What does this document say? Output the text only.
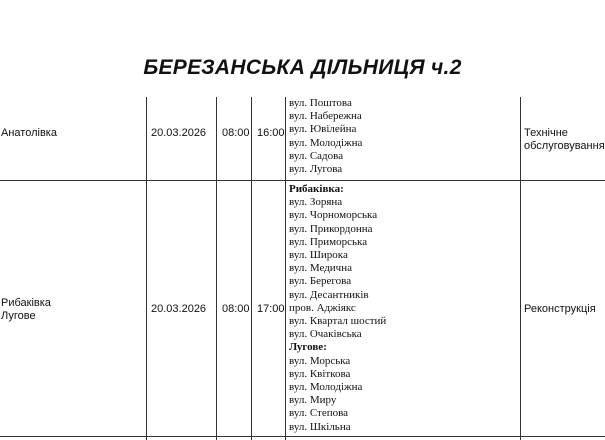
БЕРЕЗАНСЬКА ДІЛЬНИЦЯ ч.2
Анатолівка	20.03.2026 08:00 16:00
вул. Поштова
вул. Набережна
вул. Ювілейна
вул. Молодіжна
вул. Садова
вул. Лугова
Технічне
обслуговування
Рибаківка
Лугове
20.03.2026 08:00 17:00
Рибаківка:
вул. Зоряна
вул. Чорноморська
вул. Прикордонна
вул. Приморська
вул. Широка
вул. Медична
вул. Берегова
вул. Десантників
пров. Аджіякс
вул. Квартал шостий
вул. Очаківська
Лугове:
вул. Морська
вул. Квіткова
вул. Молодіжна
вул. Миру
вул. Степова
вул. Шкільна
Реконструкція
